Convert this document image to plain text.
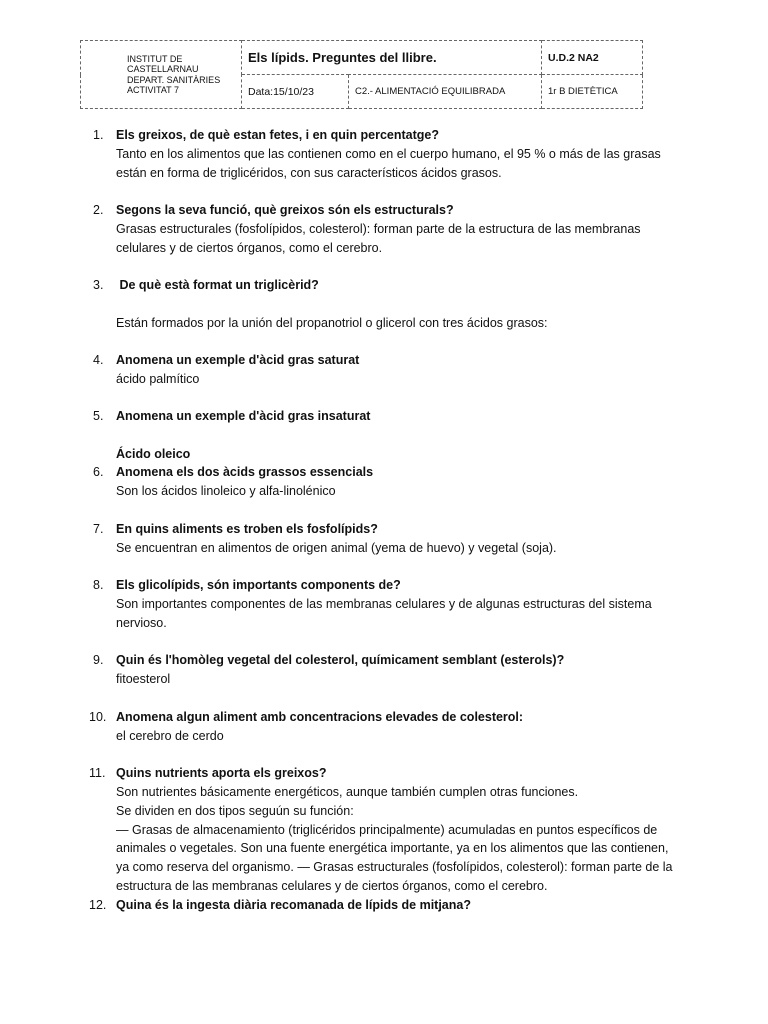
INSTITUT DE
CASTELLARNAU
DEPART. SANITÀRIES
ACTIVITAT 7	Els lípids. Preguntes del llibre.		U.D.2 NA2
	Data:15/10/23	C2.- ALIMENTACIÓ EQUILIBRADA	1r B DIETÈTICA
1. Els greixos, de què estan fetes, i en quin percentatge?
Tanto en los alimentos que las contienen como en el cuerpo humano, el 95 % o más de las grasas
están en forma de triglicéridos, con sus característicos ácidos grasos.
2. Segons la seva funció, què greixos són els estructurals?
Grasas estructurales (fosfolípidos, colesterol): forman parte de la estructura de las membranas
celulares y de ciertos órganos, como el cerebro.
3. De què està format un triglicèrid?
Están formados por la unión del propanotriol o glicerol con tres ácidos grasos:
4. Anomena un exemple d'àcid gras saturat
ácido palmítico
5. Anomena un exemple d'àcid gras insaturat
Ácido oleico
6. Anomena els dos àcids grassos essencials
Son los ácidos linoleico y alfa-linolénico
7. En quins aliments es troben els fosfolípids?
Se encuentran en alimentos de origen animal (yema de huevo) y vegetal (soja).
8. Els glicolípids, són importants components de?
Son importantes componentes de las membranas celulares y de algunas estructuras del sistema
nervioso.
9. Quin és l'homòleg vegetal del colesterol, químicament semblant (esterols)?
fitoesterol
10. Anomena algun aliment amb concentracions elevades de colesterol:
el cerebro de cerdo
11. Quins nutrients aporta els greixos?
Son nutrientes básicamente energéticos, aunque también cumplen otras funciones.
Se dividen en dos tipos seguún su función:
— Grasas de almacenamiento (triglicéridos principalmente) acumuladas en puntos específicos de
animales o vegetales. Son una fuente energética importante, ya en los alimentos que las contienen,
ya como reserva del organismo. — Grasas estructurales (fosfolípidos, colesterol): forman parte de la
estructura de las membranas celulares y de ciertos órganos, como el cerebro.
12. Quina és la ingesta diària recomanada de lípids de mitjana?
